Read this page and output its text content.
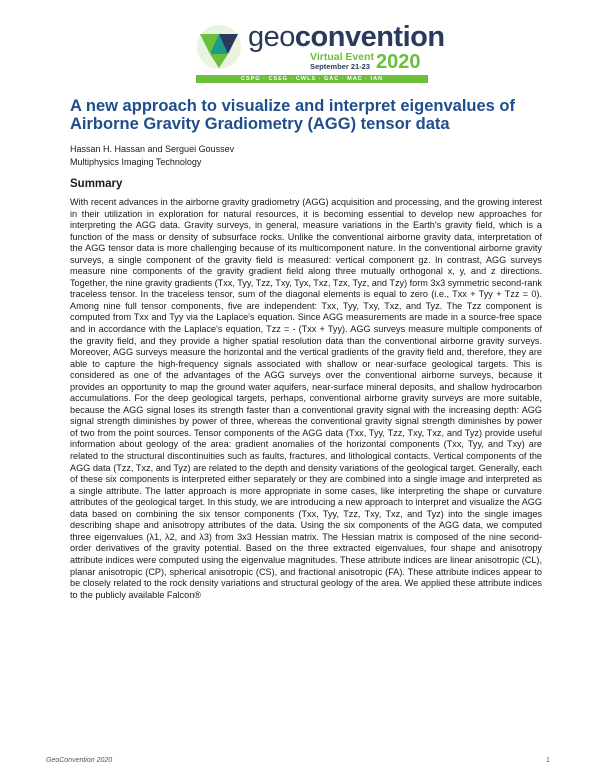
geoconvention
Virtual Event
September 21-23 2020
CSPG · CSEG · CWLS · GAC · MAC · IAN
A new approach to visualize and interpret eigenvalues of Airborne Gravity Gradiometry (AGG) tensor data
Hassan H. Hassan and Serguei Goussev
Multiphysics Imaging Technology
Summary

With recent advances in the airborne gravity gradiometry (AGG) acquisition and processing, and the growing interest in their utilization in exploration for natural resources, it is becoming essential to develop new approaches for interpreting the AGG data. Gravity surveys, in general, measure variations in the Earth's gravity field, which is a function of the mass or density of subsurface rocks. Unlike the conventional airborne gravity data, interpretation of the AGG tensor data is more challenging because of its multicomponent nature. In the conventional airborne gravity surveys, a single component of the gravity field is measured: vertical component gz. In contrast, AGG surveys measure nine components of the gravity gradient field along three mutually orthogonal x, y, and z directions. Together, the nine gravity gradients (Txx, Tyy, Tzz, Txy, Tyx, Txz, Tzx, Tyz, and Tzy) form 3x3 symmetric second-rank traceless tensor. In the traceless tensor, sum of the diagonal elements is equal to zero (i.e., Txx + Tyy + Tzz = 0). Among nine full tensor components, five are independent: Txx, Tyy, Txy, Txz, and Tyz. The Tzz component is computed from Txx and Tyy via the Laplace's equation. Since AGG measurements are made in a source-free space and in accordance with the Laplace's equation, Tzz = - (Txx + Tyy). AGG surveys measure multiple components of the gravity field, and they provide a higher spatial resolution data than the conventional airborne gravity surveys. Moreover, AGG surveys measure the horizontal and the vertical gradients of the gravity field and, therefore, they are able to capture the high-frequency signals associated with shallow or near-surface geological targets. This is considered as one of the advantages of the AGG surveys over the conventional airborne surveys, because it provides an opportunity to map the ground water aquifers, near-surface mineral deposits, and shallow hydrocarbon accumulations. For the deep geological targets, perhaps, conventional airborne gravity surveys are more suitable, because the AGG signal loses its strength faster than a conventional gravity signal with the increasing depth: AGG signal strength diminishes by power of three, whereas the conventional gravity signal strength diminishes by power of two from the point sources. Tensor components of the AGG data (Txx, Tyy, Tzz, Txy, Txz, and Tyz) provide useful information about geology of the area: gradient anomalies of the horizontal components (Txx, Tyy, and Txy) are related to the structural discontinuities such as faults, fractures, and lithological contacts. Vertical components of the AGG data (Tzz, Txz, and Tyz) are related to the depth and density variations of the geological target. Generally, each of these six components is interpreted either separately or they are combined into a single image and interpreted as a single attribute. The latter approach is more appropriate in some cases, like interpreting the shape or curvature attributes of the geological target. In this study, we are introducing a new approach to interpret and visualize the AGG data based on combining the six tensor components (Txx, Tyy, Tzz, Txy, Txz, and Tyz) into the single images describing shape and anisotropy attributes of the data. Using the six components of the AGG data, we computed three eigenvalues (λ1, λ2, and λ3) from 3x3 Hessian matrix. The Hessian matrix is composed of the nine second-order derivatives of the gravity potential. Based on the three extracted eigenvalues, four shape and anisotropy attribute indices were computed using the eigenvalue magnitudes. These attribute indices are linear anisotropic (CL), planar anisotropic (CP), spherical anisotropic (CS), and fractional anisotropic (FA). These attribute indices appear to be closely related to the rock density variations and structural geology of the area. We applied these attribute indices to the publicly available Falcon®

GeoConvention 2020	1
